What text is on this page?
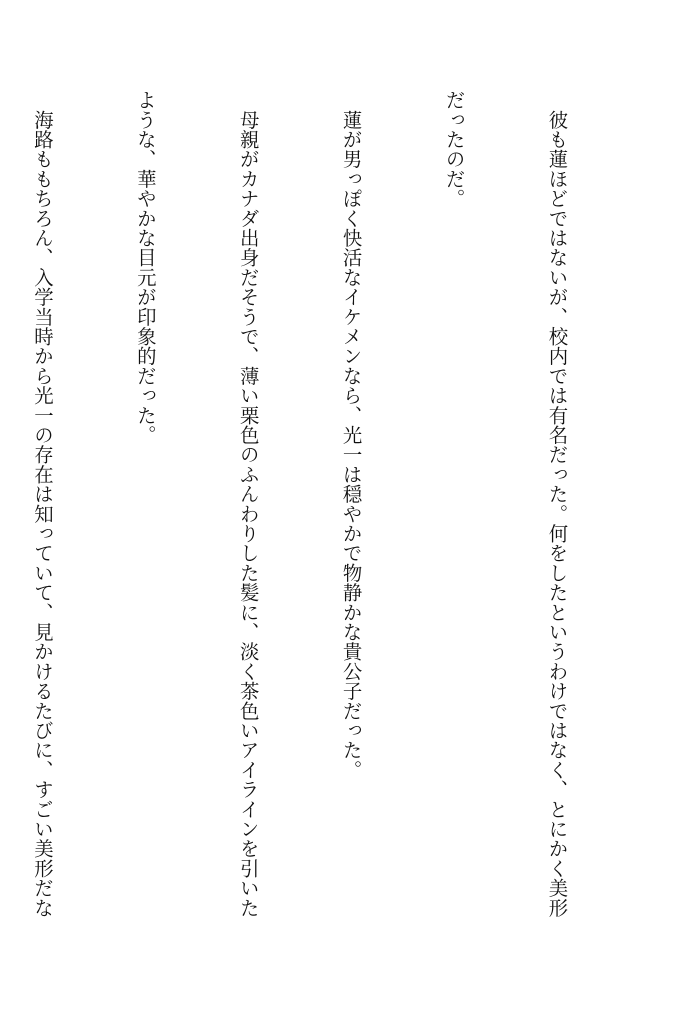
　彼も蓮ほどではないが、校内では有名だった。何をしたというわけではなく、とにかく美形

だったのだ。

　蓮が男っぽく快活なイケメンなら、光一は穏やかで物静かな貴公子だった。

　母親がカナダ出身だそうで、薄い栗色のふんわりした髪に、淡く茶色いアイラインを引いた

ような、華やかな目元が印象的だった。

　海路ももちろん、入学当時から光一の存在は知っていて、見かけるたびに、すごい美形だな
